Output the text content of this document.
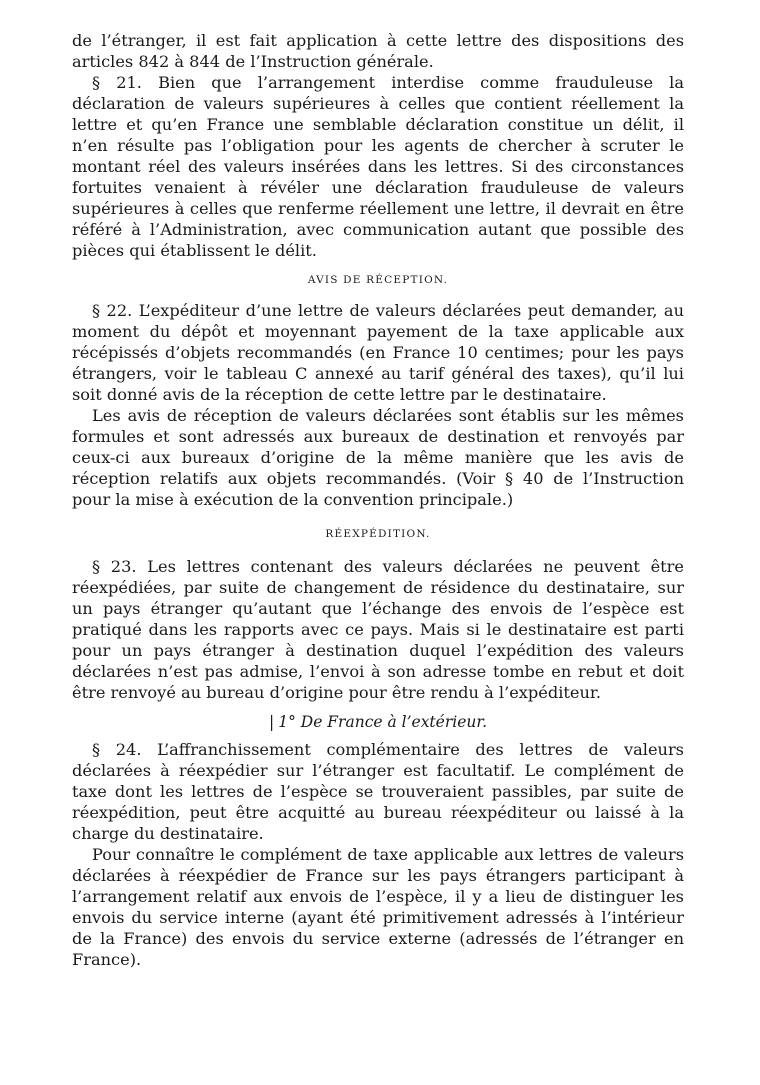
de l’étranger, il est fait application à cette lettre des dispositions des articles 842 à 844 de l’Instruction générale.

§ 21. Bien que l’arrangement interdise comme frauduleuse la déclaration de valeurs supérieures à celles que contient réellement la lettre et qu’en France une semblable déclaration constitue un délit, il n’en résulte pas l’obligation pour les agents de chercher à scruter le montant réel des valeurs insérées dans les lettres. Si des circonstances fortuites venaient à révéler une déclaration frauduleuse de valeurs supérieures à celles que renferme réellement une lettre, il devrait en être référé à l’Administration, avec communication autant que possible des pièces qui établissent le délit.

AVIS DE RÉCEPTION.

§ 22. L’expéditeur d’une lettre de valeurs déclarées peut demander, au moment du dépôt et moyennant payement de la taxe applicable aux récépissés d’objets recommandés (en France 10 centimes; pour les pays étrangers, voir le tableau C annexé au tarif général des taxes), qu’il lui soit donné avis de la réception de cette lettre par le destinataire.

Les avis de réception de valeurs déclarées sont établis sur les mêmes formules et sont adressés aux bureaux de destination et renvoyés par ceux-ci aux bureaux d’origine de la même manière que les avis de réception relatifs aux objets recommandés. (Voir § 40 de l’Instruction pour la mise à exécution de la convention principale.)

RÉEXPÉDITION.

§ 23. Les lettres contenant des valeurs déclarées ne peuvent être réexpédiées, par suite de changement de résidence du destinataire, sur un pays étranger qu’autant que l’échange des envois de l’espèce est pratiqué dans les rapports avec ce pays. Mais si le destinataire est parti pour un pays étranger à destination duquel l’expédition des valeurs déclarées n’est pas admise, l’envoi à son adresse tombe en rebut et doit être renvoyé au bureau d’origine pour être rendu à l’expéditeur.

| 1° De France à l’extérieur.

§ 24. L’affranchissement complémentaire des lettres de valeurs déclarées à réexpédier sur l’étranger est facultatif. Le complément de taxe dont les lettres de l’espèce se trouveraient passibles, par suite de réexpédition, peut être acquitté au bureau réexpéditeur ou laissé à la charge du destinataire.

Pour connaître le complément de taxe applicable aux lettres de valeurs déclarées à réexpédier de France sur les pays étrangers participant à l’arrangement relatif aux envois de l’espèce, il y a lieu de distinguer les envois du service interne (ayant été primitivement adressés à l’intérieur de la France) des envois du service externe (adressés de l’étranger en France).
